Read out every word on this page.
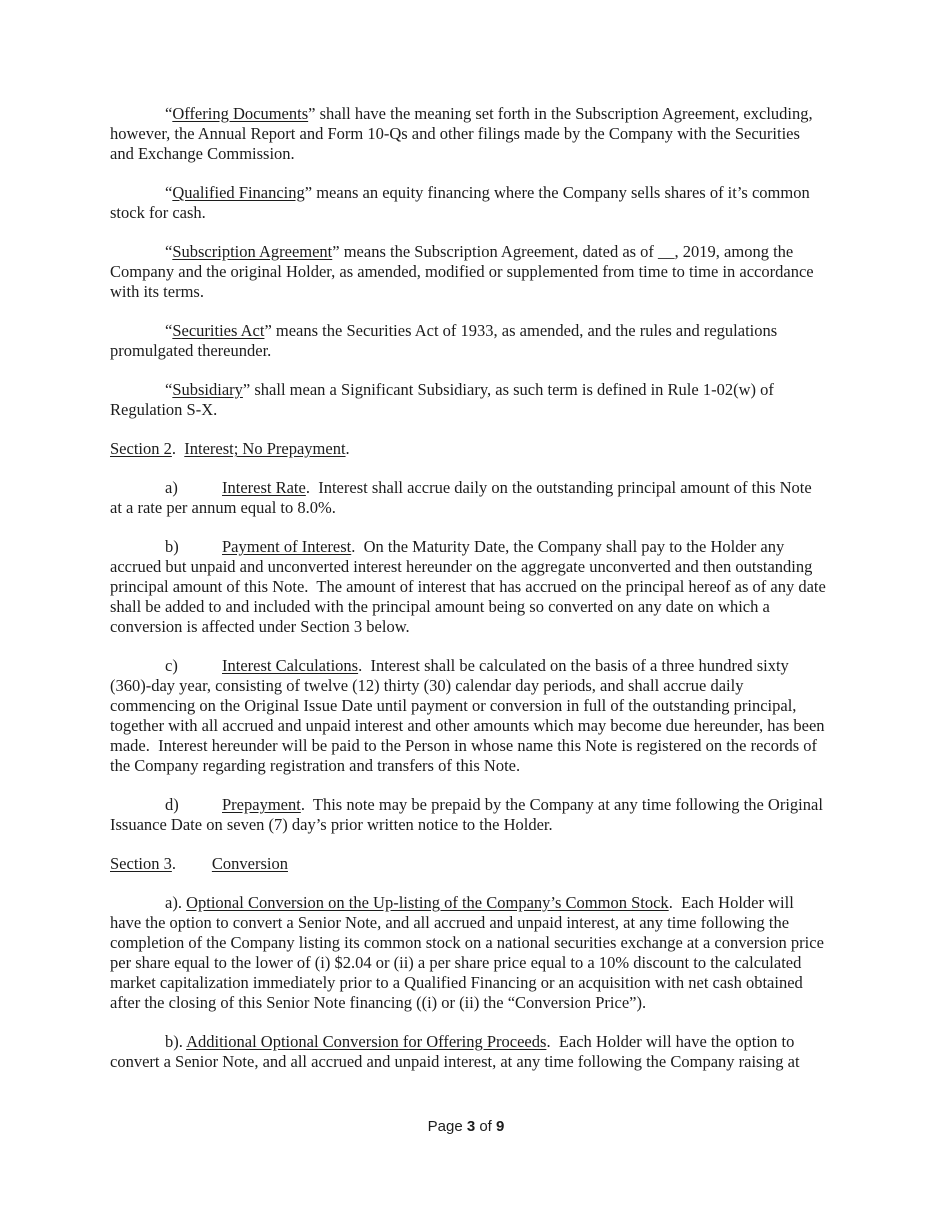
“Offering Documents” shall have the meaning set forth in the Subscription Agreement, excluding, however, the Annual Report and Form 10-Qs and other filings made by the Company with the Securities and Exchange Commission.

“Qualified Financing” means an equity financing where the Company sells shares of it’s common stock for cash.

“Subscription Agreement” means the Subscription Agreement, dated as of __, 2019, among the Company and the original Holder, as amended, modified or supplemented from time to time in accordance with its terms.

“Securities Act” means the Securities Act of 1933, as amended, and the rules and regulations promulgated thereunder.

“Subsidiary” shall mean a Significant Subsidiary, as such term is defined in Rule 1-02(w) of Regulation S-X.

Section 2.  Interest; No Prepayment.

a)	Interest Rate.  Interest shall accrue daily on the outstanding principal amount of this Note at a rate per annum equal to 8.0%.

b)	Payment of Interest.  On the Maturity Date, the Company shall pay to the Holder any accrued but unpaid and unconverted interest hereunder on the aggregate unconverted and then outstanding principal amount of this Note.  The amount of interest that has accrued on the principal hereof as of any date shall be added to and included with the principal amount being so converted on any date on which a conversion is affected under Section 3 below.

c)	Interest Calculations.  Interest shall be calculated on the basis of a three hundred sixty (360)-day year, consisting of twelve (12) thirty (30) calendar day periods, and shall accrue daily commencing on the Original Issue Date until payment or conversion in full of the outstanding principal, together with all accrued and unpaid interest and other amounts which may become due hereunder, has been made.  Interest hereunder will be paid to the Person in whose name this Note is registered on the records of the Company regarding registration and transfers of this Note.

d)	Prepayment.  This note may be prepaid by the Company at any time following the Original Issuance Date on seven (7) day’s prior written notice to the Holder.

Section 3. Conversion

a). Optional Conversion on the Up-listing of the Company’s Common Stock.  Each Holder will have the option to convert a Senior Note, and all accrued and unpaid interest, at any time following the completion of the Company listing its common stock on a national securities exchange at a conversion price per share equal to the lower of (i) $2.04 or (ii) a per share price equal to a 10% discount to the calculated market capitalization immediately prior to a Qualified Financing or an acquisition with net cash obtained  after the closing of this Senior Note financing ((i) or (ii) the “Conversion Price”).

b). Additional Optional Conversion for Offering Proceeds.  Each Holder will have the option to convert a Senior Note, and all accrued and unpaid interest, at any time following the Company raising at

Page 3 of 9
